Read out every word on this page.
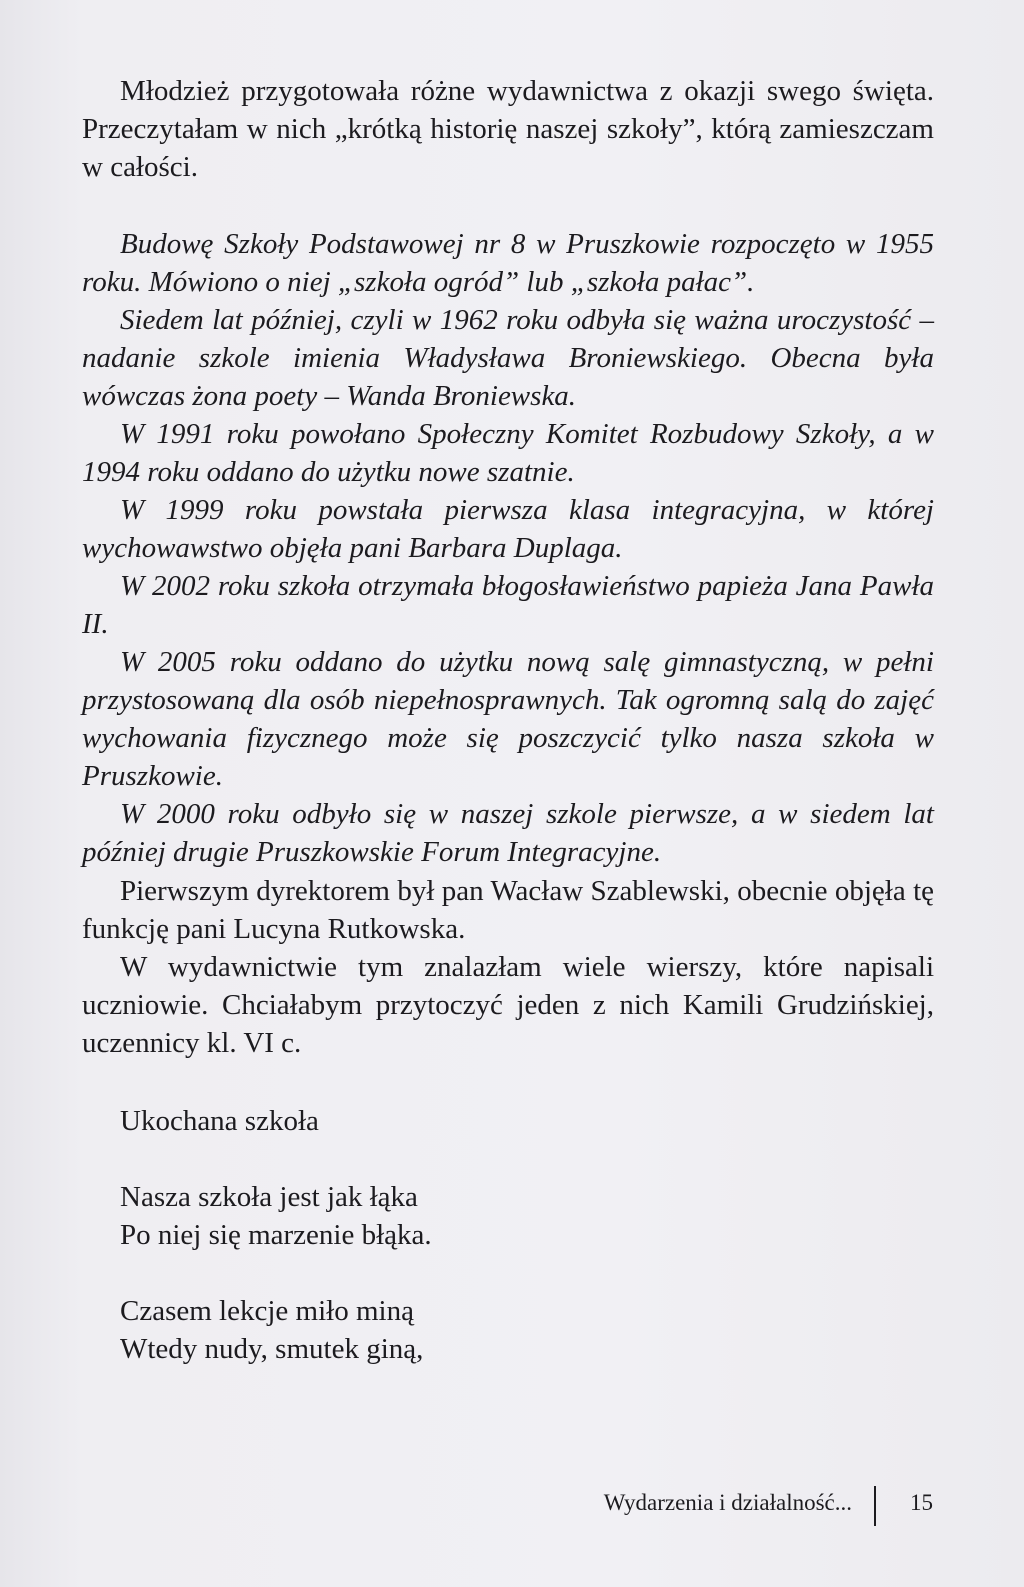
Młodzież przygotowała różne wydawnictwa z okazji swego święta. Przeczytałam w nich „krótką historię naszej szkoły”, którą zamieszczam w całości.

Budowę Szkoły Podstawowej nr 8 w Pruszkowie rozpoczęto w 1955 roku. Mówiono o niej „szkoła ogród” lub „szkoła pałac”.

Siedem lat później, czyli w 1962 roku odbyła się ważna uroczystość – nadanie szkole imienia Władysława Broniewskiego. Obecna była wówczas żona poety – Wanda Broniewska.

W 1991 roku powołano Społeczny Komitet Rozbudowy Szkoły, a w 1994 roku oddano do użytku nowe szatnie.

W 1999 roku powstała pierwsza klasa integracyjna, w której wychowawstwo objęła pani Barbara Duplaga.

W 2002 roku szkoła otrzymała błogosławieństwo papieża Jana Pawła II.

W 2005 roku oddano do użytku nową salę gimnastyczną, w pełni przystosowaną dla osób niepełnosprawnych. Tak ogromną salą do zajęć wychowania fizycznego może się poszczycić tylko nasza szkoła w Pruszkowie.

W 2000 roku odbyło się w naszej szkole pierwsze, a w siedem lat później drugie Pruszkowskie Forum Integracyjne.

Pierwszym dyrektorem był pan Wacław Szablewski, obecnie objęła tę funkcję pani Lucyna Rutkowska.

W wydawnictwie tym znalazłam wiele wierszy, które napisali uczniowie. Chciałabym przytoczyć jeden z nich Kamili Grudzińskiej, uczennicy kl. VI c.

Ukochana szkoła
Nasza szkoła jest jak łąka
Po niej się marzenie błąka.
Czasem lekcje miło miną
Wtedy nudy, smutek giną,
Wydarzenia i działalność...	15
